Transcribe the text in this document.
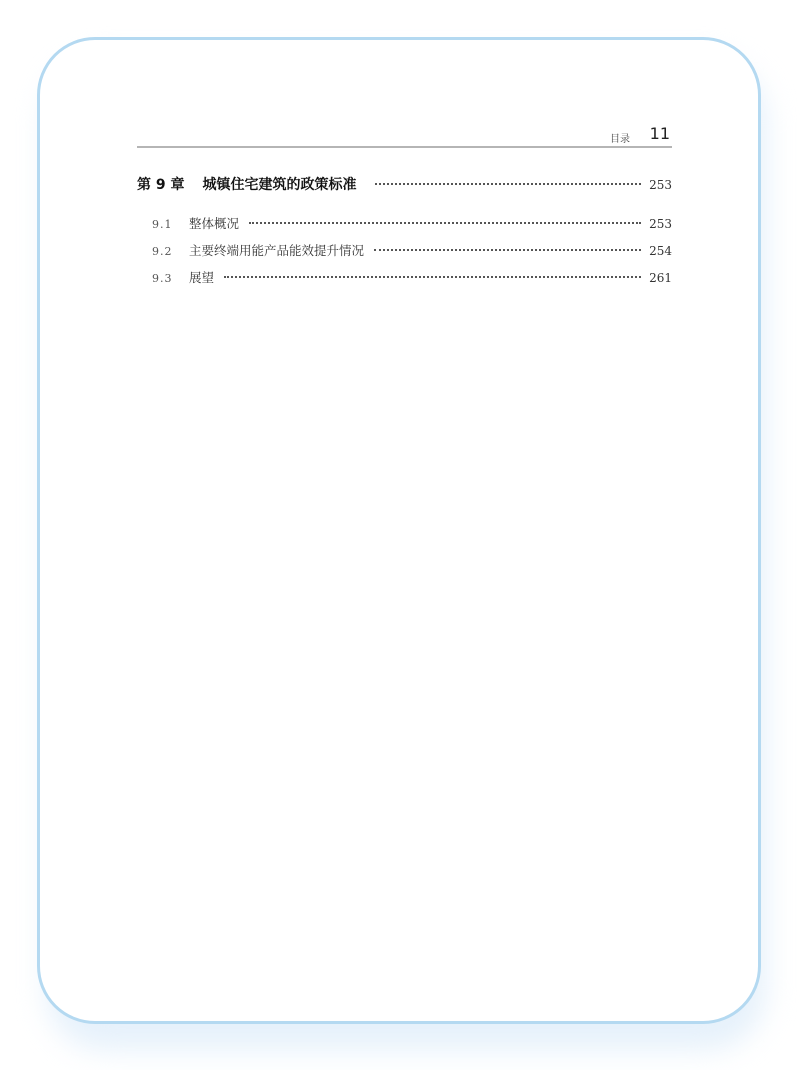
目录 11
第 9 章 城镇住宅建筑的政策标准	253
9.1	整体概况	253
9.2	主要终端用能产品能效提升情况	254
9.3	展望	261
